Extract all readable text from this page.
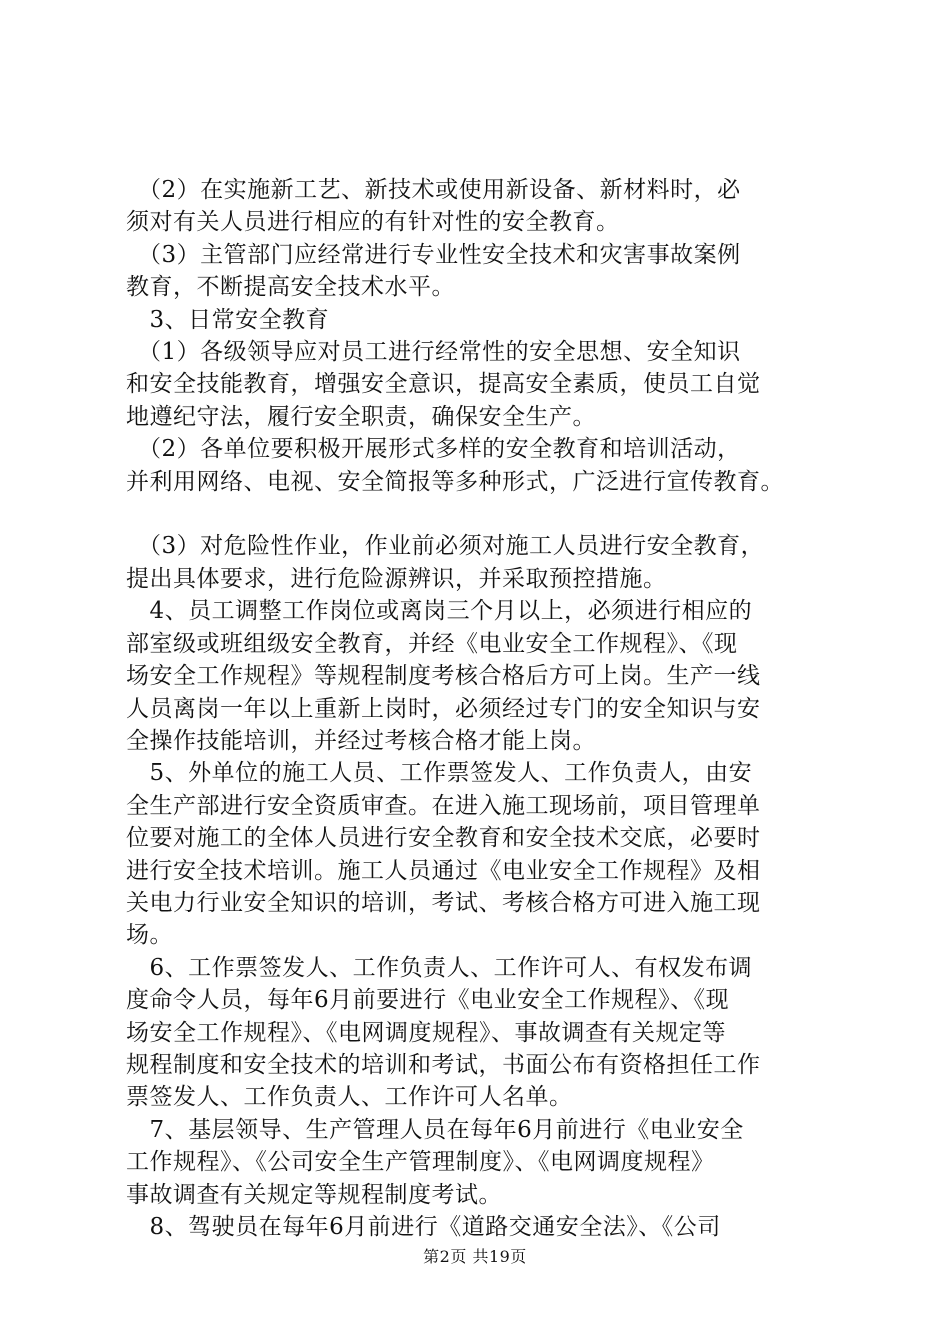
　（2）在实施新工艺、新技术或使用新设备、新材料时，必
须对有关人员进行相应的有针对性的安全教育。
　（3）主管部门应经常进行专业性安全技术和灾害事故案例
教育，不断提高安全技术水平。
　3、日常安全教育
　（1）各级领导应对员工进行经常性的安全思想、安全知识
和安全技能教育，增强安全意识，提高安全素质，使员工自觉
地遵纪守法，履行安全职责，确保安全生产。
　（2）各单位要积极开展形式多样的安全教育和培训活动，
并利用网络、电视、安全简报等多种形式，广泛进行宣传教育。

　（3）对危险性作业，作业前必须对施工人员进行安全教育，
提出具体要求，进行危险源辨识，并采取预控措施。
　4、员工调整工作岗位或离岗三个月以上，必须进行相应的
部室级或班组级安全教育，并经《电业安全工作规程》、《现
场安全工作规程》等规程制度考核合格后方可上岗。生产一线
人员离岗一年以上重新上岗时，必须经过专门的安全知识与安
全操作技能培训，并经过考核合格才能上岗。
　5、外单位的施工人员、工作票签发人、工作负责人，由安
全生产部进行安全资质审查。在进入施工现场前，项目管理单
位要对施工的全体人员进行安全教育和安全技术交底，必要时
进行安全技术培训。施工人员通过《电业安全工作规程》及相
关电力行业安全知识的培训，考试、考核合格方可进入施工现
场。
　6、工作票签发人、工作负责人、工作许可人、有权发布调
度命令人员，每年6月前要进行《电业安全工作规程》、《现
场安全工作规程》、《电网调度规程》、事故调查有关规定等
规程制度和安全技术的培训和考试，书面公布有资格担任工作
票签发人、工作负责人、工作许可人名单。
　7、基层领导、生产管理人员在每年6月前进行《电业安全
工作规程》、《公司安全生产管理制度》、《电网调度规程》
事故调查有关规定等规程制度考试。
　8、驾驶员在每年6月前进行《道路交通安全法》、《公司
第2页 共19页
